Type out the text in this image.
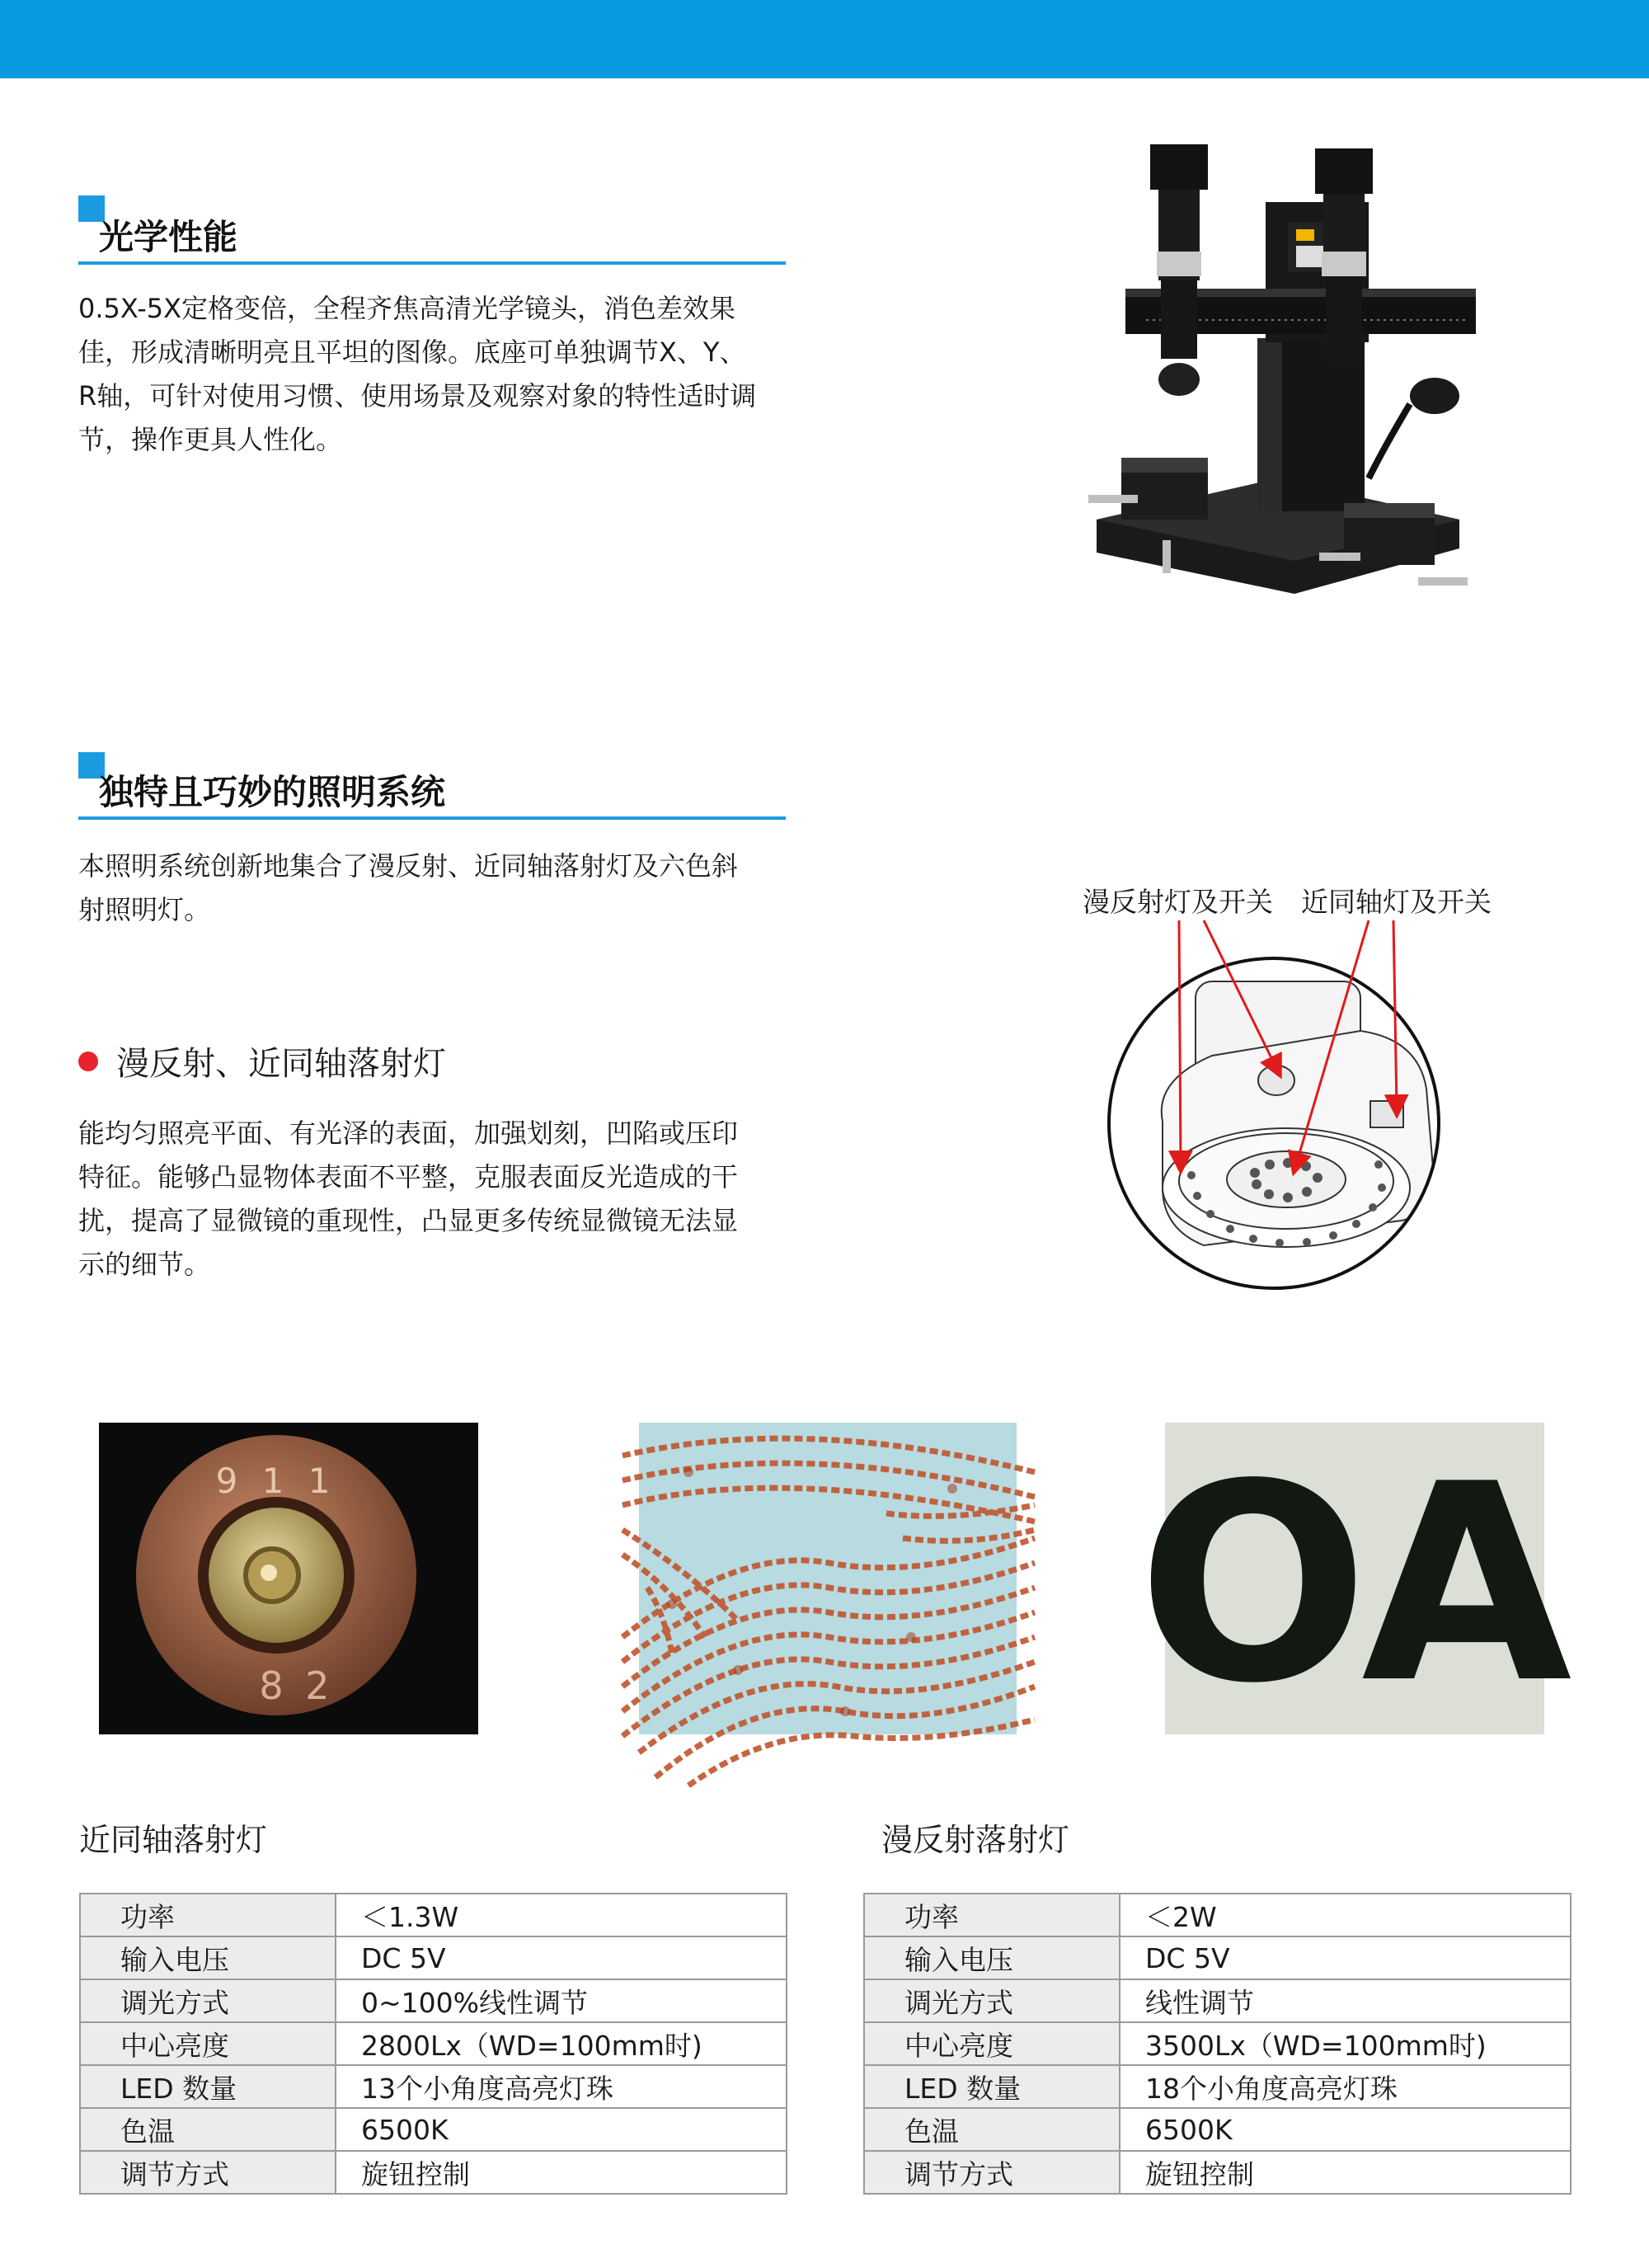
光学性能

0.5X-5X定格变倍，全程齐焦高清光学镜头，消色差效果佳，形成清晰明亮且平坦的图像。底座可单独调节X、Y、R轴，可针对使用习惯、使用场景及观察对象的特性适时调节，操作更具人性化。

独特且巧妙的照明系统

本照明系统创新地集合了漫反射、近同轴落射灯及六色斜射照明灯。

漫反射、近同轴落射灯

能均匀照亮平面、有光泽的表面，加强划刻，凹陷或压印特征。能够凸显物体表面不平整，克服表面反光造成的干扰，提高了显微镜的重现性，凸显更多传统显微镜无法显示的细节。

漫反射灯及开关 近同轴灯及开关
9 1 1
8 2	OA
近同轴落射灯
功率	＜1.3W
输入电压	DC 5V
调光方式	0~100%线性调节
中心亮度	2800Lx（WD=100mm时)
LED 数量	13个小角度高亮灯珠
色温	6500K
调节方式	旋钮控制
漫反射落射灯
功率	＜2W
输入电压	DC 5V
调光方式	线性调节
中心亮度	3500Lx（WD=100mm时)
LED 数量	18个小角度高亮灯珠
色温	6500K
调节方式	旋钮控制
